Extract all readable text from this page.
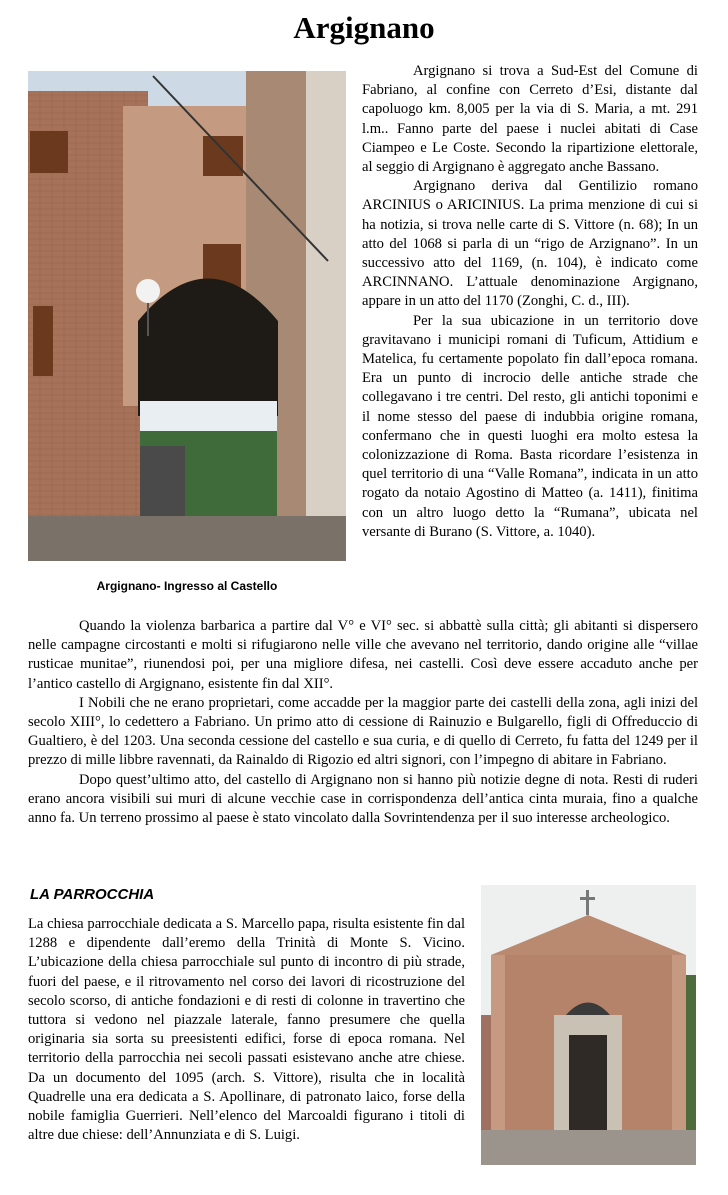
Argignano
Argignano- Ingresso al Castello

Argignano si trova a Sud-Est del Comune di Fabriano, al confine con Cerreto d’Esi, distante dal capoluogo km. 8,005 per la via di S. Maria, a mt. 291 l.m.. Fanno parte del paese i nuclei abitati di Case Ciampeo e Le Coste. Secondo la ripartizione elettorale, al seggio di Argignano è aggregato anche Bassano.

Argignano deriva dal Gentilizio romano ARCINIUS o ARICINIUS. La prima menzione di cui si ha notizia, si trova nelle carte di S. Vittore (n. 68); In un atto del 1068 si parla di un “rigo de Arzignano”. In un successivo atto del 1169, (n. 104), è indicato come ARCINNANO. L’attuale denominazione Argignano, appare in un atto del 1170 (Zonghi, C. d., III).

Per la sua ubicazione in un territorio dove gravitavano i municipi romani di Tuficum, Attidium e Matelica, fu certamente popolato fin dall’epoca romana. Era un punto di incrocio delle antiche strade che collegavano i tre centri. Del resto, gli antichi toponimi e il nome stesso del paese di indubbia origine romana, confermano che in questi luoghi era molto estesa la colonizzazione di Roma. Basta ricordare l’esistenza in quel territorio di una “Valle Romana”, indicata in un atto rogato da notaio Agostino di Matteo (a. 1411), finitima con un altro luogo detto la “Rumana”, ubicata nel versante di Burano (S. Vittore, a. 1040).

Quando la violenza barbarica a partire dal V° e VI° sec. si abbattè sulla città; gli abitanti si dispersero nelle campagne circostanti e molti si rifugiarono nelle ville che avevano nel territorio, dando origine alle “villae rusticae munitae”, riunendosi poi, per una migliore difesa, nei castelli. Così deve essere accaduto anche per l’antico castello di Argignano, esistente fin dal XII°.

I Nobili che ne erano proprietari, come accadde per la maggior parte dei castelli della zona, agli inizi del secolo XIII°, lo cedettero a Fabriano. Un primo atto di cessione di Rainuzio e Bulgarello, figli di Offreduccio di Gualtiero, è del 1203. Una seconda cessione del castello e sua curia, e di quello di Cerreto, fu fatta del 1249 per il prezzo di mille libbre ravennati, da Rainaldo di Rigozio ed altri signori, con l’impegno di abitare in Fabriano.

Dopo quest’ultimo atto, del castello di Argignano non si hanno più notizie degne di nota. Resti di ruderi erano ancora visibili sui muri di alcune vecchie case in corrispondenza dell’antica cinta muraia, fino a qualche anno fa. Un terreno prossimo al paese è stato vincolato dalla Sovrintendenza per il suo interesse archeologico.

LA PARROCCHIA

La chiesa parrocchiale dedicata a S. Marcello papa, risulta esistente fin dal 1288 e dipendente dall’eremo della Trinità di Monte S. Vicino. L’ubicazione della chiesa parrocchiale sul punto di incontro di più strade, fuori del paese, e il ritrovamento nel corso dei lavori di ricostruzione del secolo scorso, di antiche fondazioni e di resti di colonne in travertino che tuttora si vedono nel piazzale laterale, fanno presumere che quella originaria sia sorta su preesistenti edifici, forse di epoca romana. Nel territorio della parrocchia nei secoli passati esistevano anche atre chiese. Da un documento del 1095 (arch. S. Vittore), risulta che in località Quadrelle una era dedicata a S. Apollinare, di patronato laico, forse della nobile famiglia Guerrieri. Nell’elenco del Marcoaldi figurano i titoli di altre due chiese: dell’Annunziata e di S. Luigi.
